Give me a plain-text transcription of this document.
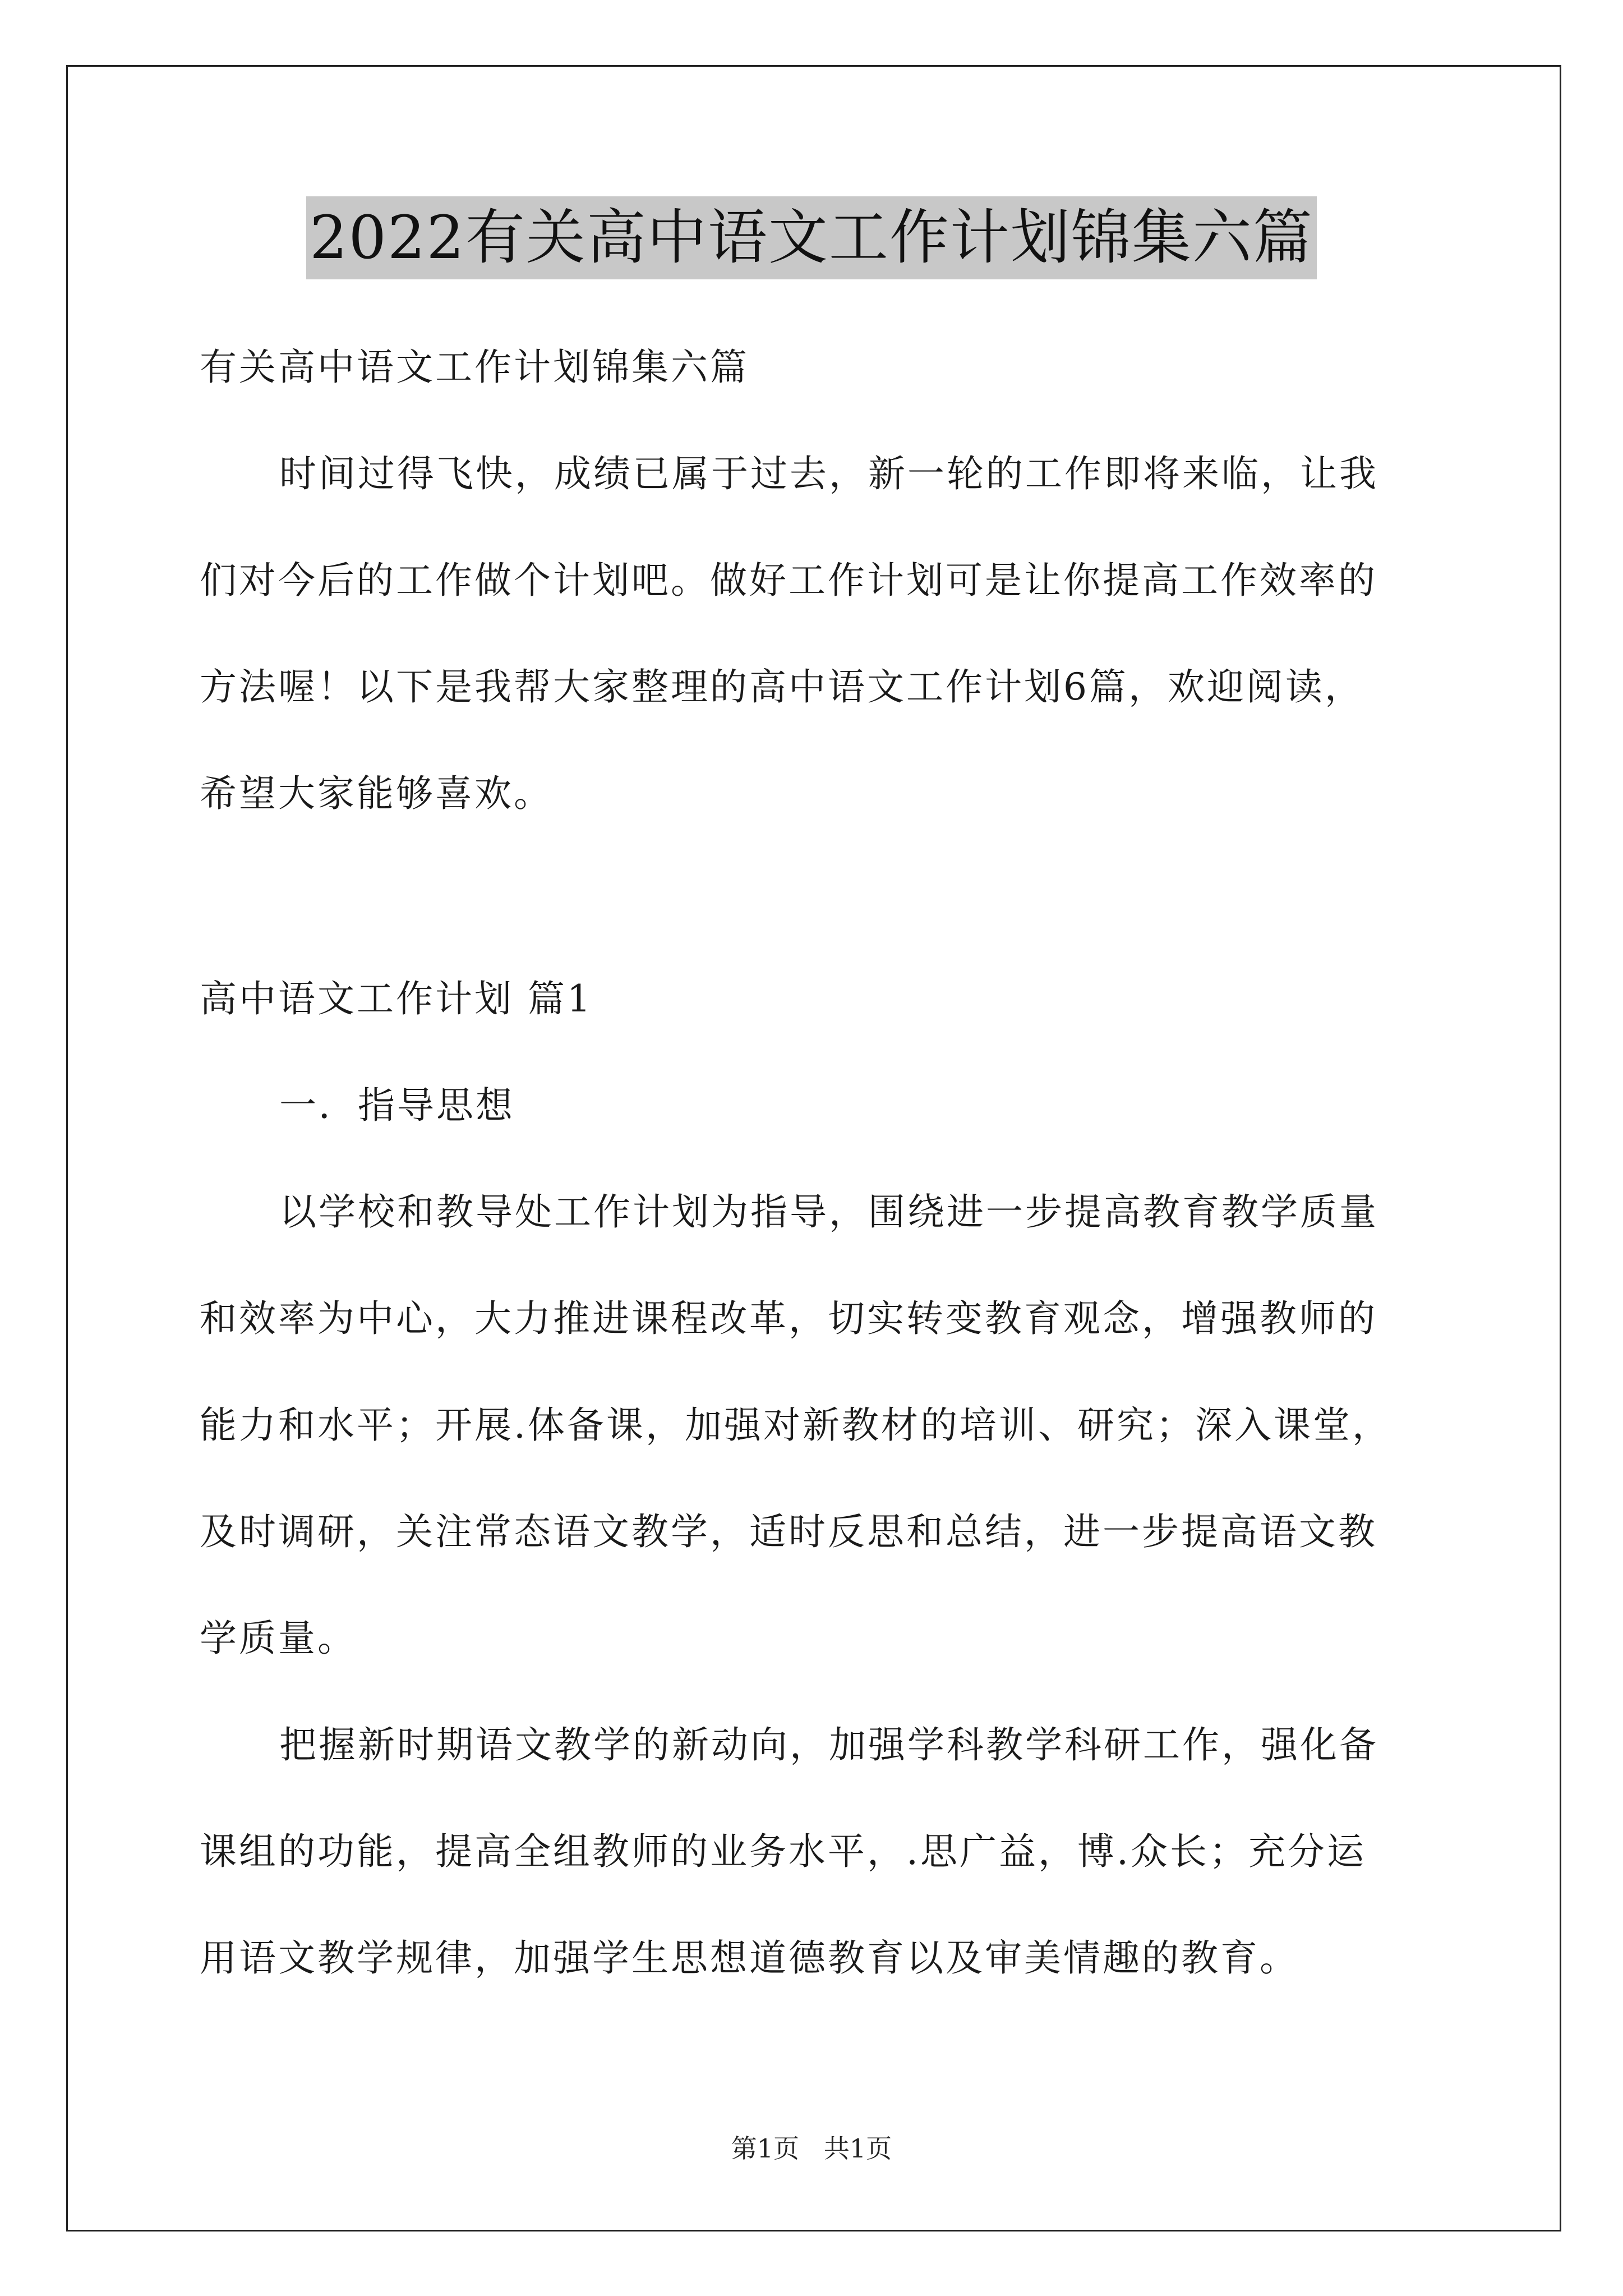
2022有关高中语文工作计划锦集六篇
有关高中语文工作计划锦集六篇
时间过得飞快，成绩已属于过去，新一轮的工作即将来临，让我
们对今后的工作做个计划吧。做好工作计划可是让你提高工作效率的
方法喔！以下是我帮大家整理的高中语文工作计划6篇，欢迎阅读，
希望大家能够喜欢。
高中语文工作计划 篇1
一．指导思想
以学校和教导处工作计划为指导，围绕进一步提高教育教学质量
和效率为中心，大力推进课程改革，切实转变教育观念，增强教师的
能力和水平；开展.体备课，加强对新教材的培训、研究；深入课堂，
及时调研，关注常态语文教学，适时反思和总结，进一步提高语文教
学质量。
把握新时期语文教学的新动向，加强学科教学科研工作，强化备
课组的功能，提高全组教师的业务水平，.思广益，博.众长；充分运
用语文教学规律，加强学生思想道德教育以及审美情趣的教育。
第1页   共1页
